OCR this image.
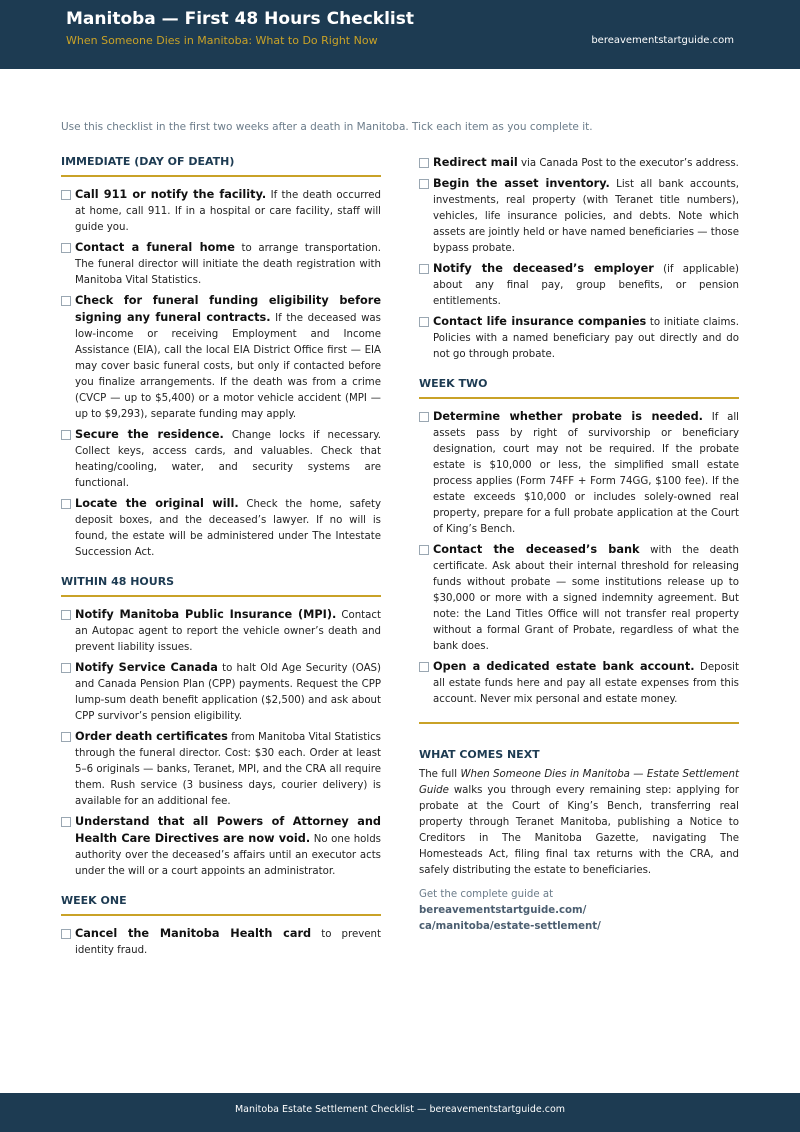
Manitoba — First 48 Hours Checklist
When Someone Dies in Manitoba: What to Do Right Now	bereavementstartguide.com
Use this checklist in the first two weeks after a death in Manitoba. Tick each item as you complete it.
IMMEDIATE (DAY OF DEATH)
Call 911 or notify the facility. If the death occurred at home, call 911. If in a hospital or care facility, staff will guide you.
Contact a funeral home to arrange transportation. The funeral director will initiate the death registration with Manitoba Vital Statistics.
Check for funeral funding eligibility before signing any funeral contracts. If the deceased was low-income or receiving Employment and Income Assistance (EIA), call the local EIA District Office first — EIA may cover basic funeral costs, but only if contacted before you finalize arrangements. If the death was from a crime (CVCP — up to $5,400) or a motor vehicle accident (MPI — up to $9,293), separate funding may apply.
Secure the residence. Change locks if necessary. Collect keys, access cards, and valuables. Check that heating/cooling, water, and security systems are functional.
Locate the original will. Check the home, safety deposit boxes, and the deceased’s lawyer. If no will is found, the estate will be administered under The Intestate Succession Act.
WITHIN 48 HOURS
Notify Manitoba Public Insurance (MPI). Contact an Autopac agent to report the vehicle owner’s death and prevent liability issues.
Notify Service Canada to halt Old Age Security (OAS) and Canada Pension Plan (CPP) payments. Request the CPP lump-sum death benefit application ($2,500) and ask about CPP survivor’s pension eligibility.
Order death certificates from Manitoba Vital Statistics through the funeral director. Cost: $30 each. Order at least 5–6 originals — banks, Teranet, MPI, and the CRA all require them. Rush service (3 business days, courier delivery) is available for an additional fee.
Understand that all Powers of Attorney and Health Care Directives are now void. No one holds authority over the deceased’s affairs until an executor acts under the will or a court appoints an administrator.
WEEK ONE
Cancel the Manitoba Health card to prevent identity fraud.
Redirect mail via Canada Post to the executor’s address.
Begin the asset inventory. List all bank accounts, investments, real property (with Teranet title numbers), vehicles, life insurance policies, and debts. Note which assets are jointly held or have named beneficiaries — those bypass probate.
Notify the deceased’s employer (if applicable) about any final pay, group benefits, or pension entitlements.
Contact life insurance companies to initiate claims. Policies with a named beneficiary pay out directly and do not go through probate.
WEEK TWO
Determine whether probate is needed. If all assets pass by right of survivorship or beneficiary designation, court may not be required. If the probate estate is $10,000 or less, the simplified small estate process applies (Form 74FF + Form 74GG, $100 fee). If the estate exceeds $10,000 or includes solely-owned real property, prepare for a full probate application at the Court of King’s Bench.
Contact the deceased’s bank with the death certificate. Ask about their internal threshold for releasing funds without probate — some institutions release up to $30,000 or more with a signed indemnity agreement. But note: the Land Titles Office will not transfer real property without a formal Grant of Probate, regardless of what the bank does.
Open a dedicated estate bank account. Deposit all estate funds here and pay all estate expenses from this account. Never mix personal and estate money.
WHAT COMES NEXT
The full When Someone Dies in Manitoba — Estate Settlement Guide walks you through every remaining step: applying for probate at the Court of King’s Bench, transferring real property through Teranet Manitoba, publishing a Notice to Creditors in The Manitoba Gazette, navigating The Homesteads Act, filing final tax returns with the CRA, and safely distributing the estate to beneficiaries.
Get the complete guide at
bereavementstartguide.com/
ca/manitoba/estate-settlement/
Manitoba Estate Settlement Checklist — bereavementstartguide.com
